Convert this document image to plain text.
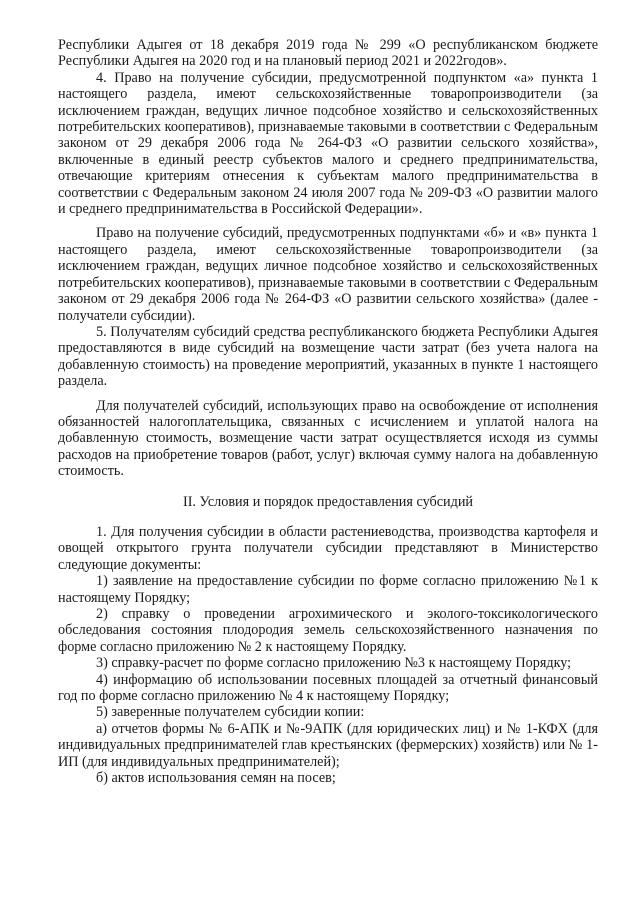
Республики Адыгея от 18 декабря 2019 года № 299 «О республиканском бюджете Республики Адыгея на 2020 год и на плановый период 2021 и 2022годов».

4. Право на получение субсидии, предусмотренной подпунктом «а» пункта 1 настоящего раздела, имеют сельскохозяйственные товаропроизводители (за исключением граждан, ведущих личное подсобное хозяйство и сельскохозяйственных потребительских кооперативов), признаваемые таковыми в соответствии с Федеральным законом от 29 декабря 2006 года № 264-ФЗ «О развитии сельского хозяйства», включенные в единый реестр субъектов малого и среднего предпринимательства, отвечающие критериям отнесения к субъектам малого предпринимательства в соответствии с Федеральным законом 24 июля 2007 года № 209-ФЗ «О развитии малого и среднего предпринимательства в Российской Федерации».

Право на получение субсидий, предусмотренных подпунктами «б» и «в» пункта 1 настоящего раздела, имеют сельскохозяйственные товаропроизводители (за исключением граждан, ведущих личное подсобное хозяйство и сельскохозяйственных потребительских кооперативов), признаваемые таковыми в соответствии с Федеральным законом от 29 декабря 2006 года № 264-ФЗ «О развитии сельского хозяйства» (далее - получатели субсидии).

5. Получателям субсидий средства республиканского бюджета Республики Адыгея предоставляются в виде субсидий на возмещение части затрат (без учета налога на добавленную стоимость) на проведение мероприятий, указанных в пункте 1 настоящего раздела.

Для получателей субсидий, использующих право на освобождение от исполнения обязанностей налогоплательщика, связанных с исчислением и уплатой налога на добавленную стоимость, возмещение части затрат осуществляется исходя из суммы расходов на приобретение товаров (работ, услуг) включая сумму налога на добавленную стоимость.

II. Условия и порядок предоставления субсидий

1. Для получения субсидии в области растениеводства, производства картофеля и овощей открытого грунта получатели субсидии представляют в Министерство следующие документы:

1) заявление на предоставление субсидии по форме согласно приложению №1 к настоящему Порядку;

2) справку о проведении агрохимического и эколого-токсикологического обследования состояния плодородия земель сельскохозяйственного назначения по форме согласно приложению № 2 к настоящему Порядку.

3) справку-расчет по форме согласно приложению №3 к настоящему Порядку;

4) информацию об использовании посевных площадей за отчетный финансовый год по форме согласно приложению № 4 к настоящему Порядку;

5) заверенные получателем субсидии копии:

а) отчетов формы № 6-АПК и №-9АПК (для юридических лиц) и № 1-КФХ (для индивидуальных предпринимателей глав крестьянских (фермерских) хозяйств) или № 1-ИП (для индивидуальных предпринимателей);

б) актов использования семян на посев;
